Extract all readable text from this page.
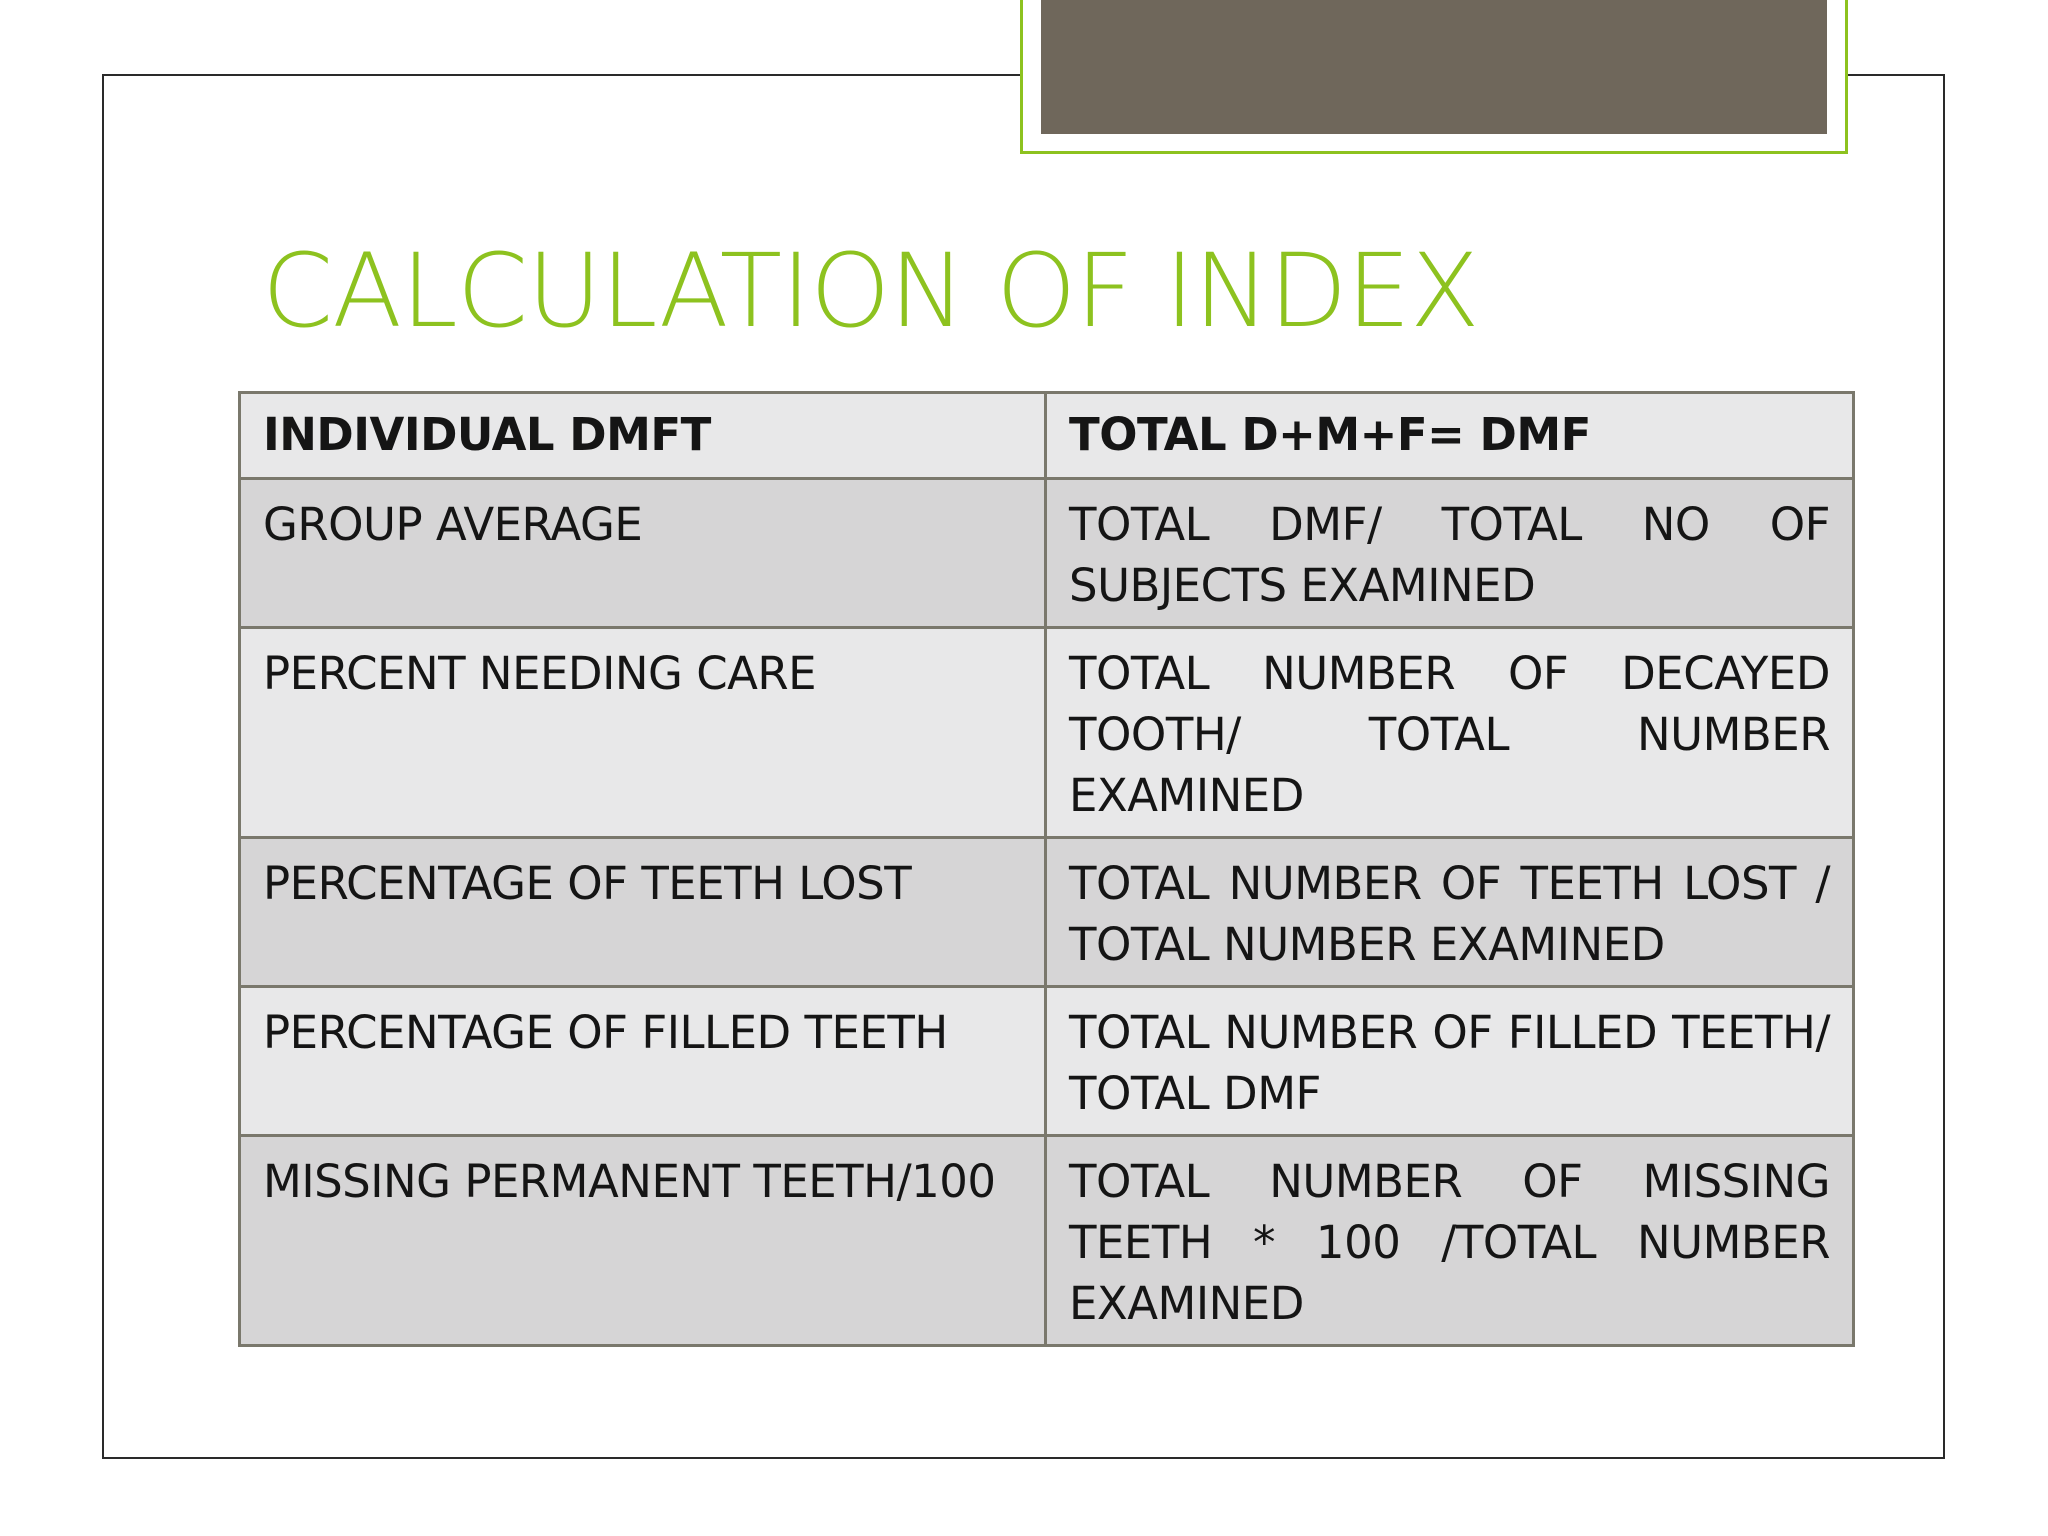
CALCULATION OF INDEX
INDIVIDUAL DMFT	TOTAL D+M+F= DMF
GROUP AVERAGE	TOTAL DMF/ TOTAL NO OF SUBJECTS EXAMINED
PERCENT NEEDING CARE	TOTAL NUMBER OF DECAYED TOOTH/ TOTAL NUMBER EXAMINED
PERCENTAGE OF TEETH LOST	TOTAL NUMBER OF TEETH LOST / TOTAL NUMBER EXAMINED
PERCENTAGE OF FILLED TEETH	TOTAL NUMBER OF FILLED TEETH/ TOTAL DMF
MISSING PERMANENT TEETH/100	TOTAL NUMBER OF MISSING TEETH * 100 /TOTAL NUMBER EXAMINED
